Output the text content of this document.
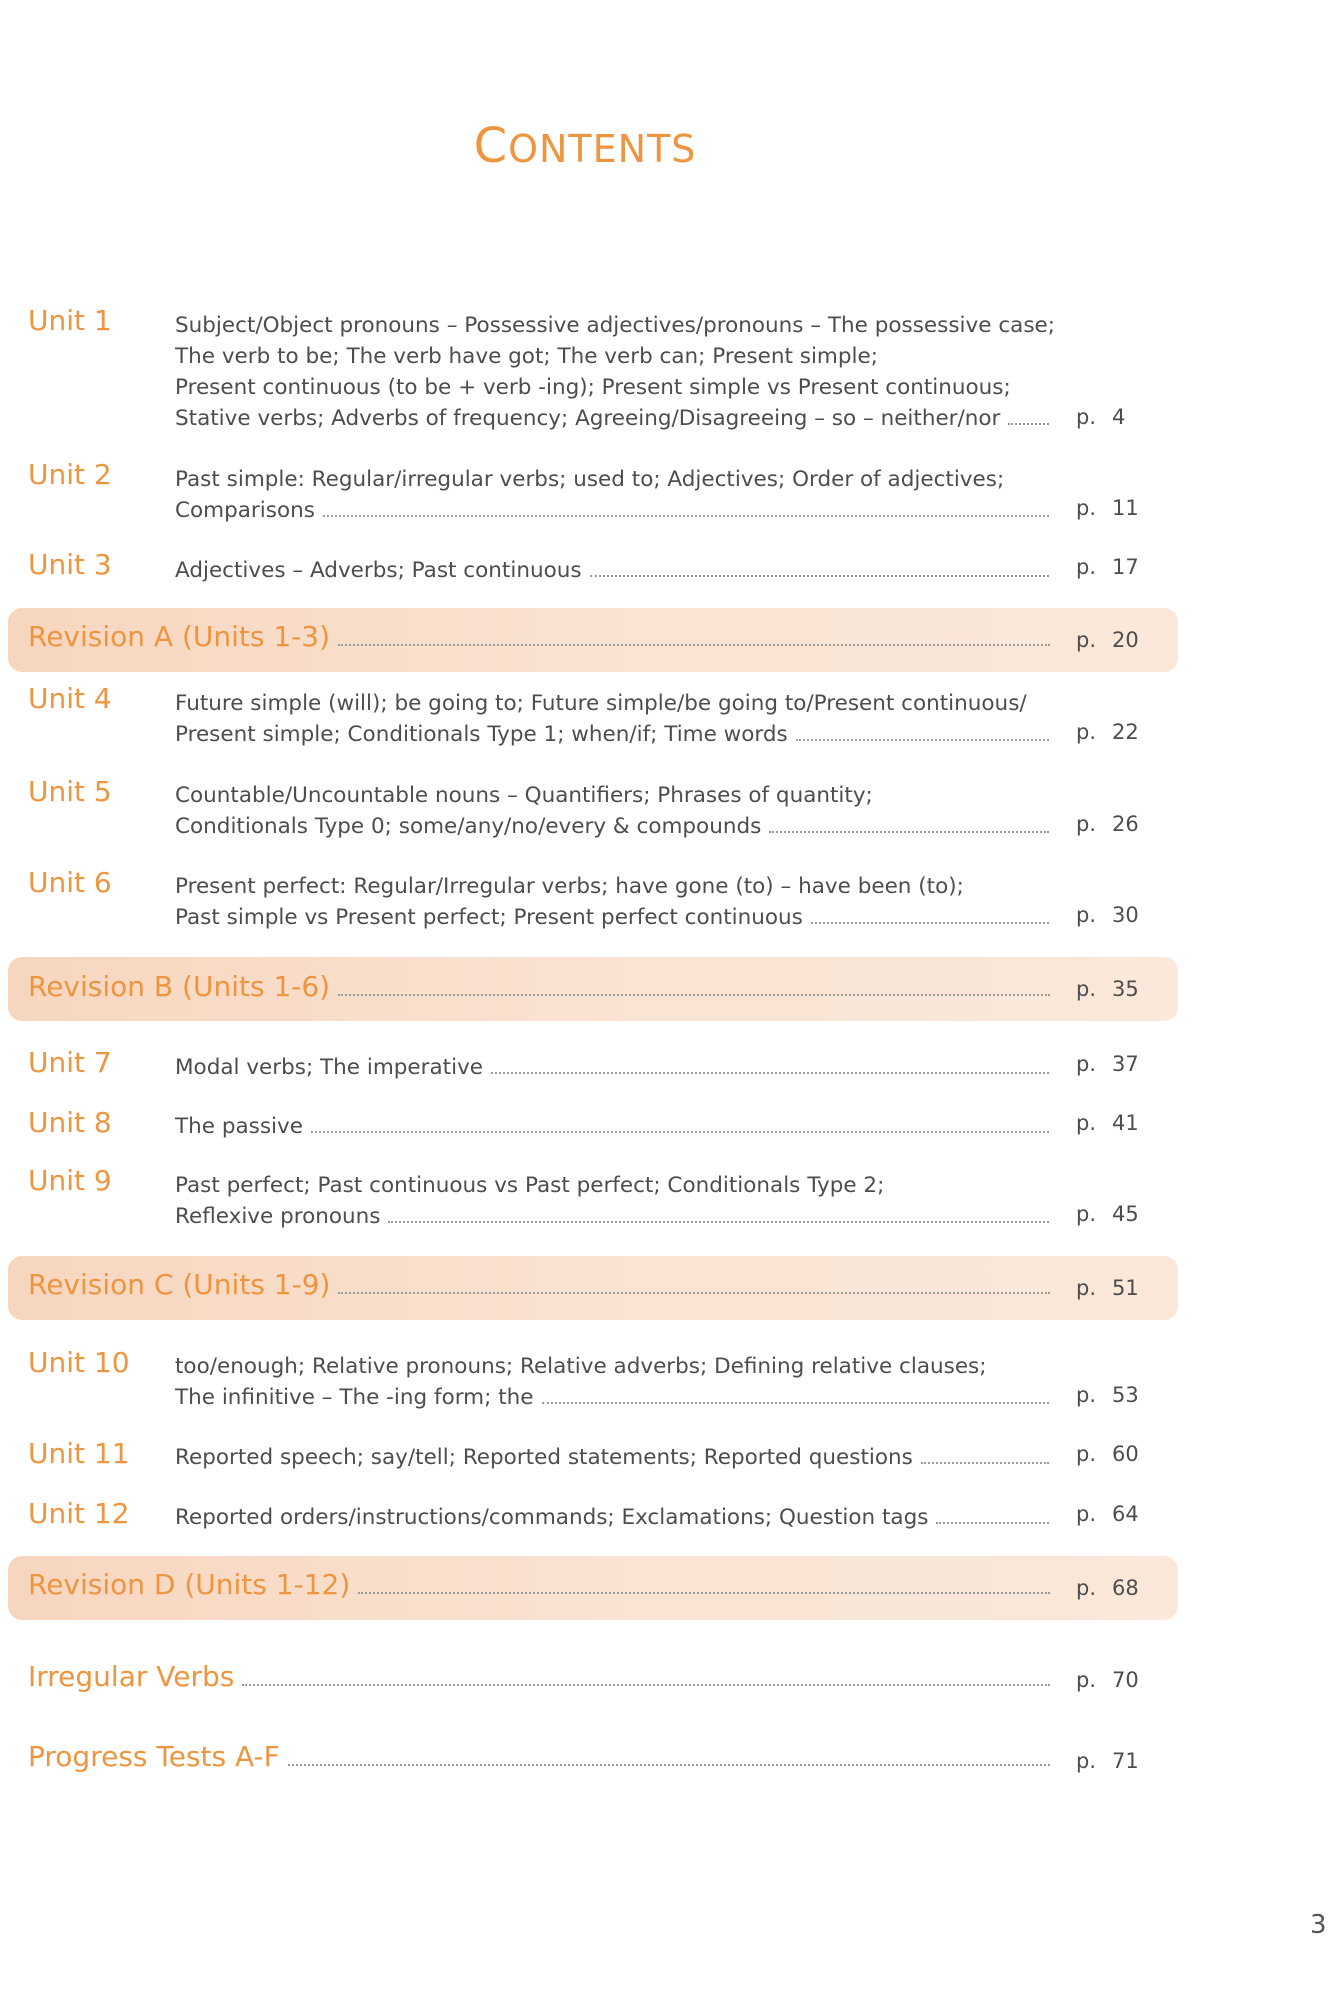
CONTENTS
Unit 1	Subject/Object pronouns – Possessive adjectives/pronouns – The possessive case;
The verb to be; The verb have got; The verb can; Present simple;
Present continuous (to be + verb -ing); Present simple vs Present continuous;
Stative verbs; Adverbs of frequency; Agreeing/Disagreeing – so – neither/nor	p. 4
Unit 2	Past simple: Regular/irregular verbs; used to; Adjectives; Order of adjectives;
Comparisons	p. 11
Unit 3	Adjectives – Adverbs; Past continuous	p. 17
Revision A (Units 1-3)	p. 20
Unit 4	Future simple (will); be going to; Future simple/be going to/Present continuous/
Present simple; Conditionals Type 1; when/if; Time words	p. 22
Unit 5	Countable/Uncountable nouns – Quantifiers; Phrases of quantity;
Conditionals Type 0; some/any/no/every & compounds	p. 26
Unit 6	Present perfect: Regular/Irregular verbs; have gone (to) – have been (to);
Past simple vs Present perfect; Present perfect continuous	p. 30
Revision B (Units 1-6)	p. 35
Unit 7	Modal verbs; The imperative	p. 37
Unit 8	The passive	p. 41
Unit 9	Past perfect; Past continuous vs Past perfect; Conditionals Type 2;
Reflexive pronouns	p. 45
Revision C (Units 1-9)	p. 51
Unit 10 too/enough; Relative pronouns; Relative adverbs; Defining relative clauses;
The infinitive – The -ing form; the	p. 53
Unit 11 Reported speech; say/tell; Reported statements; Reported questions	p. 60
Unit 12 Reported orders/instructions/commands; Exclamations; Question tags	p. 64
Revision D (Units 1-12)	p. 68
Irregular Verbs	p. 70
Progress Tests A-F	p. 71
3
